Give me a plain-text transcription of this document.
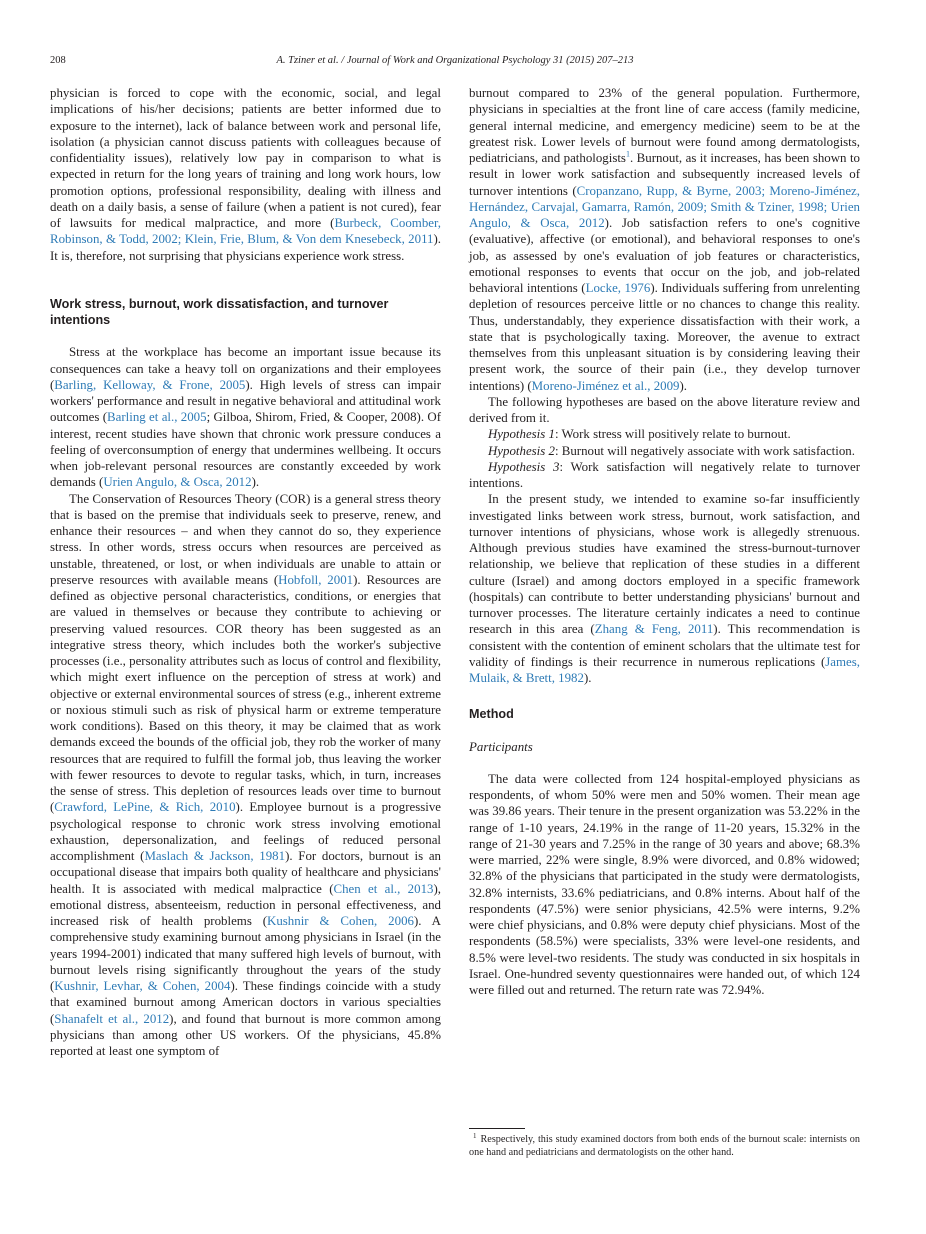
208	A. Tziner et al. / Journal of Work and Organizational Psychology 31 (2015) 207–213

physician is forced to cope with the economic, social, and legal implications of his/her decisions; patients are better informed due to exposure to the internet), lack of balance between work and personal life, isolation (a physician cannot discuss patients with colleagues because of confidentiality issues), relatively low pay in comparison to what is expected in return for the long years of training and long work hours, low promotion options, professional responsibility, dealing with illness and death on a daily basis, a sense of failure (when a patient is not cured), fear of lawsuits for medical malpractice, and more (Burbeck, Coomber, Robinson, & Todd, 2002; Klein, Frie, Blum, & Von dem Knesebeck, 2011). It is, therefore, not surprising that physicians experience work stress.

Work stress, burnout, work dissatisfaction, and turnover intentions

Stress at the workplace has become an important issue because its consequences can take a heavy toll on organizations and their employees (Barling, Kelloway, & Frone, 2005). High levels of stress can impair workers' performance and result in negative behavioral and attitudinal work outcomes (Barling et al., 2005; Gilboa, Shirom, Fried, & Cooper, 2008). Of interest, recent studies have shown that chronic work pressure conduces a feeling of overconsumption of energy that undermines wellbeing. It occurs when job-relevant personal resources are constantly exceeded by work demands (Urien Angulo, & Osca, 2012).

The Conservation of Resources Theory (COR) is a general stress theory that is based on the premise that individuals seek to preserve, renew, and enhance their resources – and when they cannot do so, they experience stress. In other words, stress occurs when resources are perceived as unstable, threatened, or lost, or when individuals are unable to attain or preserve resources with available means (Hobfoll, 2001). Resources are defined as objective personal characteristics, conditions, or energies that are valued in themselves or because they contribute to achieving or preserving valued resources. COR theory has been suggested as an integrative stress theory, which includes both the worker's subjective processes (i.e., personality attributes such as locus of control and flexibility, which might exert influence on the perception of stress at work) and objective or external environmental sources of stress (e.g., inherent extreme or noxious stimuli such as risk of physical harm or extreme temperature work conditions). Based on this theory, it may be claimed that as work demands exceed the bounds of the official job, they rob the worker of many resources that are required to fulfill the formal job, thus leaving the worker with fewer resources to devote to regular tasks, which, in turn, increases the sense of stress. This depletion of resources leads over time to burnout (Crawford, LePine, & Rich, 2010). Employee burnout is a progressive psychological response to chronic work stress involving emotional exhaustion, depersonalization, and feelings of reduced personal accomplishment (Maslach & Jackson, 1981). For doctors, burnout is an occupational disease that impairs both quality of healthcare and physicians' health. It is associated with medical malpractice (Chen et al., 2013), emotional distress, absenteeism, reduction in personal effectiveness, and increased risk of health problems (Kushnir & Cohen, 2006). A comprehensive study examining burnout among physicians in Israel (in the years 1994-2001) indicated that many suffered high levels of burnout, with burnout levels rising significantly throughout the years of the study (Kushnir, Levhar, & Cohen, 2004). These findings coincide with a study that examined burnout among American doctors in various specialties (Shanafelt et al., 2012), and found that burnout is more common among physicians than among other US workers. Of the physicians, 45.8% reported at least one symptom of

burnout compared to 23% of the general population. Furthermore, physicians in specialties at the front line of care access (family medicine, general internal medicine, and emergency medicine) seem to be at the greatest risk. Lower levels of burnout were found among dermatologists, pediatricians, and pathologists$^1$. Burnout, as it increases, has been shown to result in lower work satisfaction and subsequently increased levels of turnover intentions (Cropanzano, Rupp, & Byrne, 2003; Moreno-Jiménez, Hernández, Carvajal, Gamarra, Ramón, 2009; Smith & Tziner, 1998; Urien Angulo, & Osca, 2012). Job satisfaction refers to one's cognitive (evaluative), affective (or emotional), and behavioral responses to one's job, as assessed by one's evaluation of job features or characteristics, emotional responses to events that occur on the job, and job-related behavioral intentions (Locke, 1976). Individuals suffering from unrelenting depletion of resources perceive little or no chances to change this reality. Thus, understandably, they experience dissatisfaction with their work, a state that is psychologically taxing. Moreover, the avenue to extract themselves from this unpleasant situation is by considering leaving their present work, the source of their pain (i.e., they develop turnover intentions) (Moreno-Jiménez et al., 2009).

The following hypotheses are based on the above literature review and derived from it.

Hypothesis 1: Work stress will positively relate to burnout.

Hypothesis 2: Burnout will negatively associate with work satisfaction.

Hypothesis 3: Work satisfaction will negatively relate to turnover intentions.

In the present study, we intended to examine so-far insufficiently investigated links between work stress, burnout, work satisfaction, and turnover intentions of physicians, whose work is allegedly strenuous. Although previous studies have examined the stress-burnout-turnover relationship, we believe that replication of these studies in a different culture (Israel) and among doctors employed in a specific framework (hospitals) can contribute to better understanding physicians' burnout and turnover processes. The literature certainly indicates a need to continue research in this area (Zhang & Feng, 2011). This recommendation is consistent with the contention of eminent scholars that the ultimate test for validity of findings is their recurrence in numerous replications (James, Mulaik, & Brett, 1982).

Method

Participants

The data were collected from 124 hospital-employed physicians as respondents, of whom 50% were men and 50% women. Their mean age was 39.86 years. Their tenure in the present organization was 53.22% in the range of 1-10 years, 24.19% in the range of 11-20 years, 15.32% in the range of 21-30 years and 7.25% in the range of 30 years and above; 68.3% were married, 22% were single, 8.9% were divorced, and 0.8% widowed; 32.8% of the physicians that participated in the study were dermatologists, 32.8% internists, 33.6% pediatricians, and 0.8% interns. About half of the respondents (47.5%) were senior physicians, 42.5% were interns, 9.2% were chief physicians, and 0.8% were deputy chief physicians. Most of the respondents (58.5%) were specialists, 33% were level-one residents, and 8.5% were level-two residents. The study was conducted in six hospitals in Israel. One-hundred seventy questionnaires were handed out, of which 124 were filled out and returned. The return rate was 72.94%.

$^1$ Respectively, this study examined doctors from both ends of the burnout scale: internists on one hand and pediatricians and dermatologists on the other hand.
